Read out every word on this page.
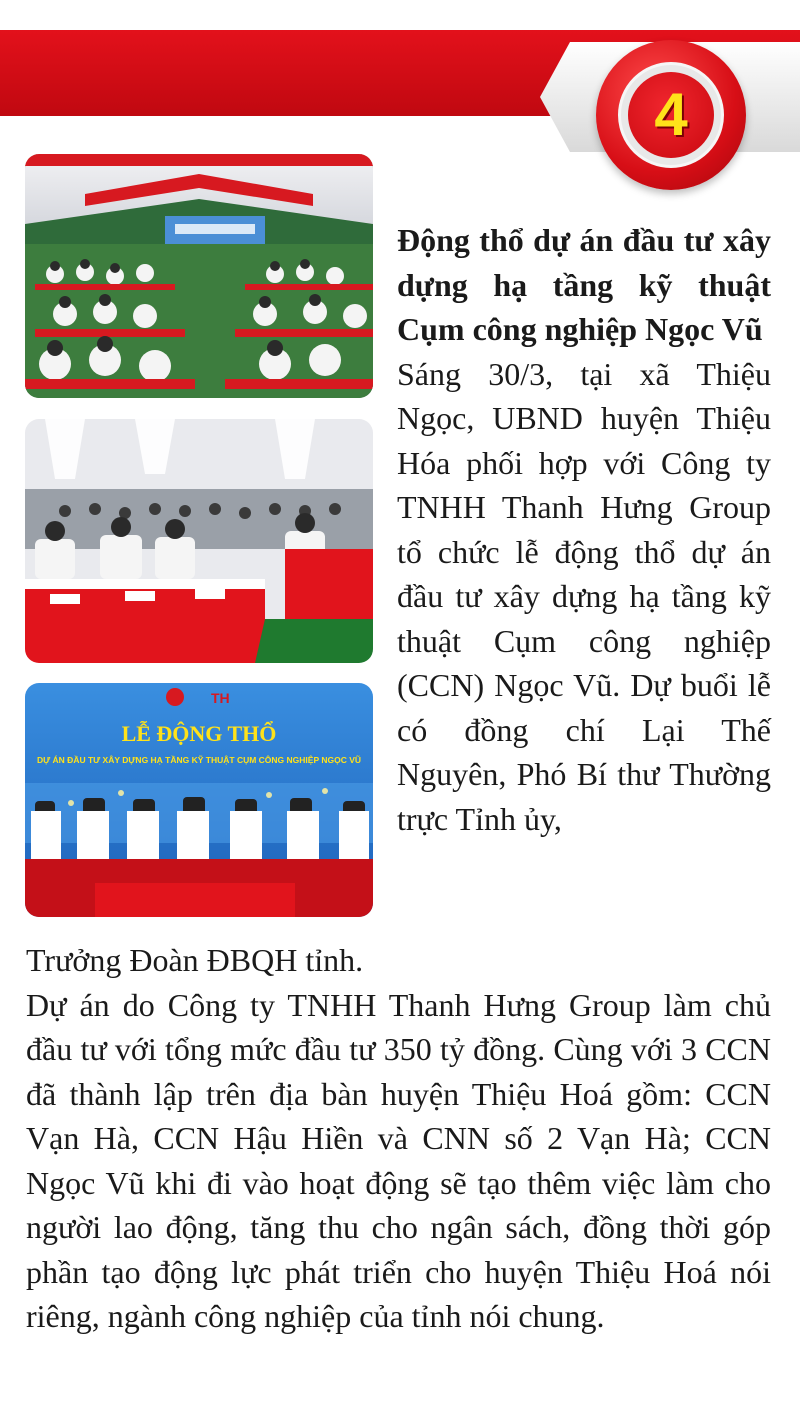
4
TH
LỄ ĐỘNG THỔ
DỰ ÁN ĐẦU TƯ XÂY DỰNG HẠ TẦNG KỸ THUẬT CỤM CÔNG NGHIỆP NGỌC VŨ

Động thổ dự án đầu tư xây dựng hạ tầng kỹ thuật Cụm công nghiệp Ngọc Vũ

Sáng 30/3, tại xã Thiệu Ngọc, UBND huyện Thiệu Hóa phối hợp với Công ty TNHH Thanh Hưng Group tổ chức lễ động thổ dự án đầu tư xây dựng hạ tầng kỹ thuật Cụm công nghiệp (CCN) Ngọc Vũ. Dự buổi lễ có đồng chí Lại Thế Nguyên, Phó Bí thư Thường trực Tỉnh ủy,

Trưởng Đoàn ĐBQH tỉnh.

Dự án do Công ty TNHH Thanh Hưng Group làm chủ đầu tư với tổng mức đầu tư 350 tỷ đồng. Cùng với 3 CCN đã thành lập trên địa bàn huyện Thiệu Hoá gồm: CCN Vạn Hà, CCN Hậu Hiền và CNN số 2 Vạn Hà; CCN Ngọc Vũ khi đi vào hoạt động sẽ tạo thêm việc làm cho người lao động, tăng thu cho ngân sách, đồng thời góp phần tạo động lực phát triển cho huyện Thiệu Hoá nói riêng, ngành công nghiệp của tỉnh nói chung.
